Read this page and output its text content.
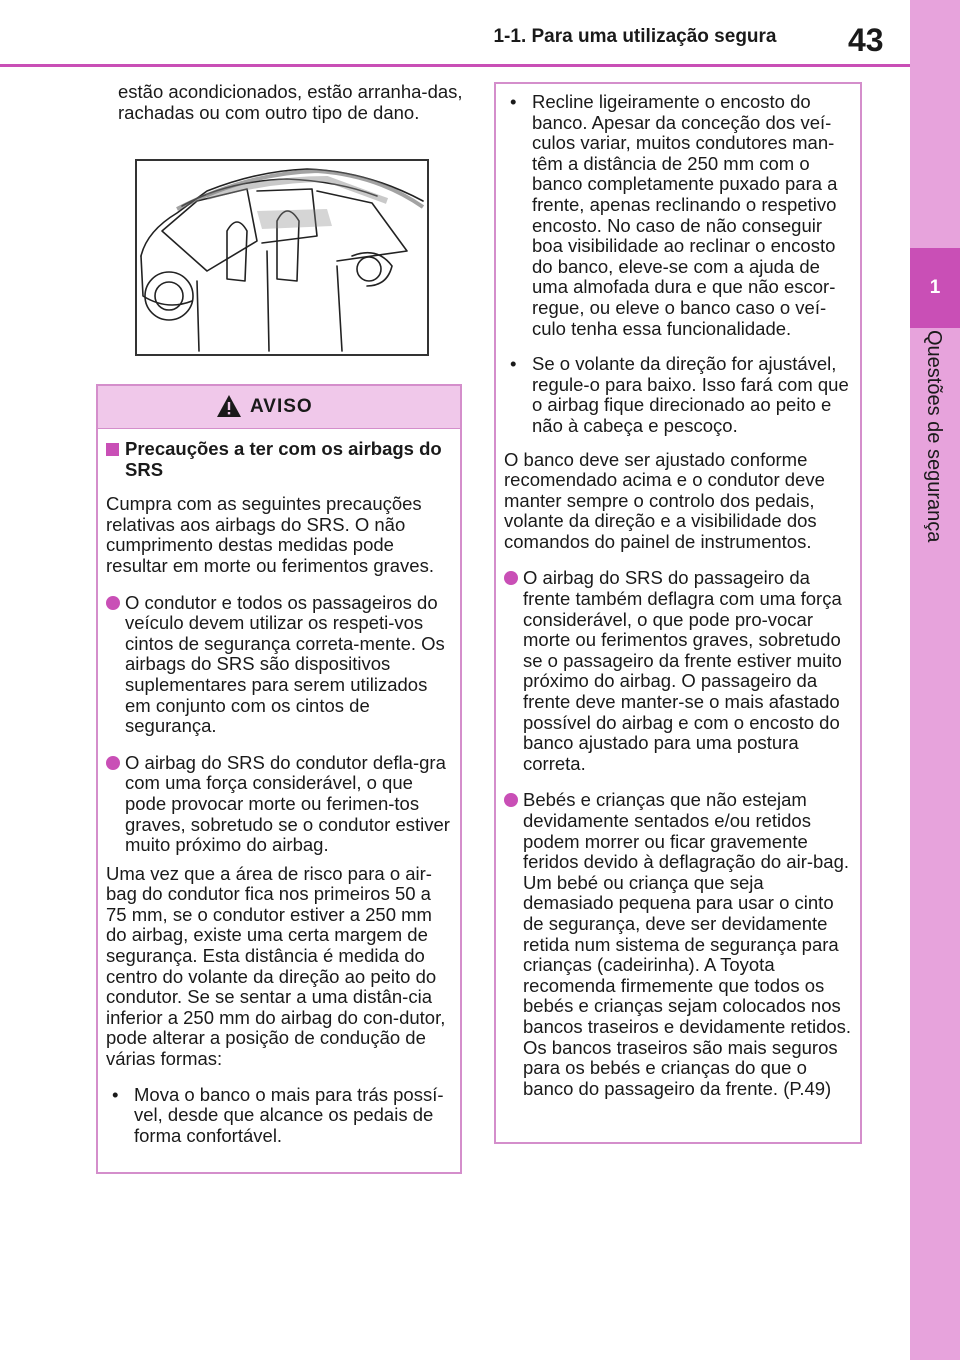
1-1. Para uma utilização segura	43
1
Questões de segurança

estão acondicionados, estão arranha-das, rachadas ou com outro tipo de dano.

AVISO

Precauções a ter com os airbags do SRS

Cumpra com as seguintes precauções relativas aos airbags do SRS. O não cumprimento destas medidas pode resultar em morte ou ferimentos graves.

O condutor e todos os passageiros do veículo devem utilizar os respeti-vos cintos de segurança correta-mente. Os airbags do SRS são dispositivos suplementares para serem utilizados em conjunto com os cintos de segurança.

O airbag do SRS do condutor defla-gra com uma força considerável, o que pode provocar morte ou ferimen-tos graves, sobretudo se o condutor estiver muito próximo do airbag.

Uma vez que a área de risco para o air-bag do condutor fica nos primeiros 50 a 75 mm, se o condutor estiver a 250 mm do airbag, existe uma certa margem de segurança. Esta distância é medida do centro do volante da direção ao peito do condutor. Se se sentar a uma distân-cia inferior a 250 mm do airbag do con-dutor, pode alterar a posição de condução de várias formas:

• Mova o banco o mais para trás possí-vel, desde que alcance os pedais de forma confortável.

• Recline ligeiramente o encosto do banco. Apesar da conceção dos veí-culos variar, muitos condutores man-têm a distância de 250 mm com o banco completamente puxado para a frente, apenas reclinando o respetivo encosto. No caso de não conseguir boa visibilidade ao reclinar o encosto do banco, eleve-se com a ajuda de uma almofada dura e que não escor-regue, ou eleve o banco caso o veí-culo tenha essa funcionalidade.

• Se o volante da direção for ajustável, regule-o para baixo. Isso fará com que o airbag fique direcionado ao peito e não à cabeça e pescoço.

O banco deve ser ajustado conforme recomendado acima e o condutor deve manter sempre o controlo dos pedais, volante da direção e a visibilidade dos comandos do painel de instrumentos.

O airbag do SRS do passageiro da frente também deflagra com uma força considerável, o que pode pro-vocar morte ou ferimentos graves, sobretudo se o passageiro da frente estiver muito próximo do airbag. O passageiro da frente deve manter-se o mais afastado possível do airbag e com o encosto do banco ajustado para uma postura correta.

Bebés e crianças que não estejam devidamente sentados e/ou retidos podem morrer ou ficar gravemente feridos devido à deflagração do air-bag. Um bebé ou criança que seja demasiado pequena para usar o cinto de segurança, deve ser devidamente retida num sistema de segurança para crianças (cadeirinha). A Toyota recomenda firmemente que todos os bebés e crianças sejam colocados nos bancos traseiros e devidamente retidos. Os bancos traseiros são mais seguros para os bebés e crianças do que o banco do passageiro da frente. (P.49)
